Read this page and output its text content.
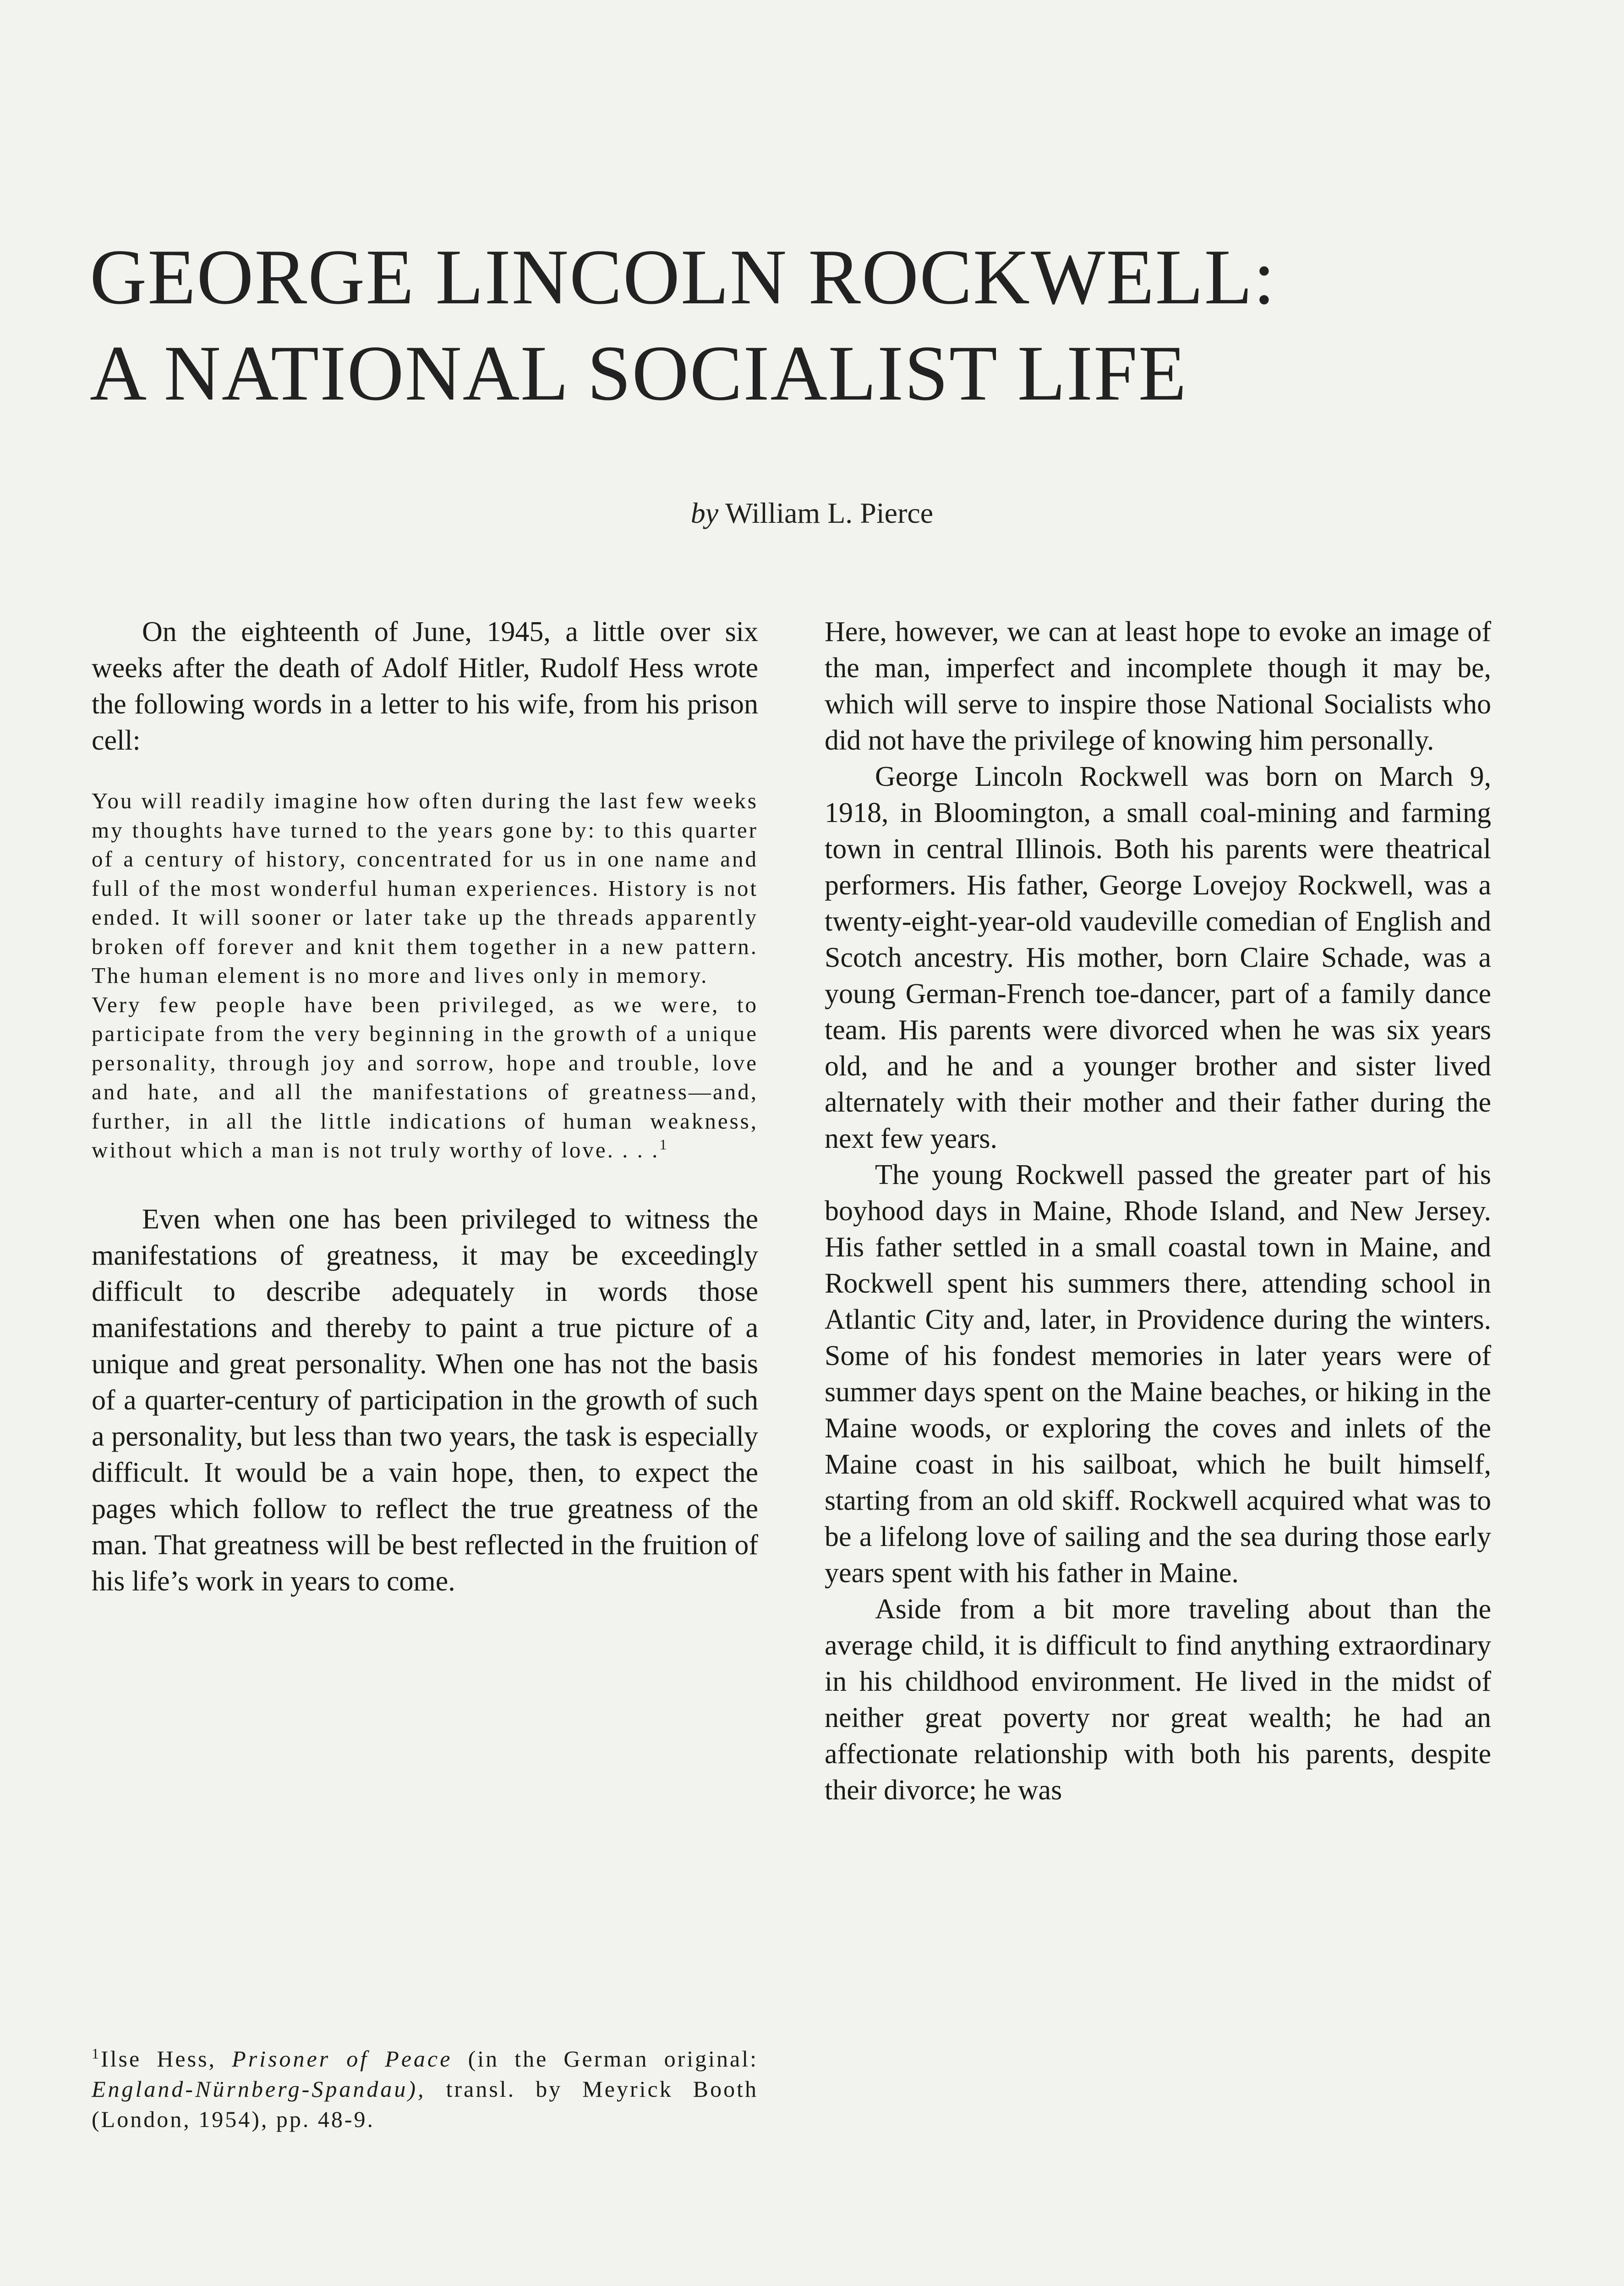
GEORGE LINCOLN ROCKWELL:
A NATIONAL SOCIALIST LIFE
by William L. Pierce

On the eighteenth of June, 1945, a little over six weeks after the death of Adolf Hitler, Rudolf Hess wrote the following words in a letter to his wife, from his prison cell:

You will readily imagine how often during the last few weeks my thoughts have turned to the years gone by: to this quarter of a century of history, concentrated for us in one name and full of the most wonderful human experiences. History is not ended. It will sooner or later take up the threads apparently broken off forever and knit them together in a new pattern. The human element is no more and lives only in memory.

Very few people have been privileged, as we were, to participate from the very beginning in the growth of a unique personality, through joy and sorrow, hope and trouble, love and hate, and all the manifestations of greatness—and, further, in all the little indications of human weakness, without which a man is not truly worthy of love. . . .$^1$

Even when one has been privileged to witness the manifestations of greatness, it may be exceedingly difficult to describe adequately in words those manifestations and thereby to paint a true picture of a unique and great personality. When one has not the basis of a quarter-century of participation in the growth of such a personality, but less than two years, the task is especially difficult. It would be a vain hope, then, to expect the pages which follow to reflect the true greatness of the man. That greatness will be best reflected in the fruition of his life’s work in years to come.

$^1$Ilse Hess, Prisoner of Peace (in the German original: England-Nürnberg-Spandau), transl. by Meyrick Booth (London, 1954), pp. 48-9.

Here, however, we can at least hope to evoke an image of the man, imperfect and incomplete though it may be, which will serve to inspire those National Socialists who did not have the privilege of knowing him personally.

George Lincoln Rockwell was born on March 9, 1918, in Bloomington, a small coal-mining and farming town in central Illinois. Both his parents were theatrical performers. His father, George Lovejoy Rockwell, was a twenty-eight-year-old vaudeville comedian of English and Scotch ancestry. His mother, born Claire Schade, was a young German-French toe-dancer, part of a family dance team. His parents were divorced when he was six years old, and he and a younger brother and sister lived alternately with their mother and their father during the next few years.

The young Rockwell passed the greater part of his boyhood days in Maine, Rhode Island, and New Jersey. His father settled in a small coastal town in Maine, and Rockwell spent his summers there, attending school in Atlantic City and, later, in Providence during the winters. Some of his fondest memories in later years were of summer days spent on the Maine beaches, or hiking in the Maine woods, or exploring the coves and inlets of the Maine coast in his sailboat, which he built himself, starting from an old skiff. Rockwell acquired what was to be a lifelong love of sailing and the sea during those early years spent with his father in Maine.

Aside from a bit more traveling about than the average child, it is difficult to find anything extraordinary in his childhood environment. He lived in the midst of neither great poverty nor great wealth; he had an affectionate relationship with both his parents, despite their divorce; he was
